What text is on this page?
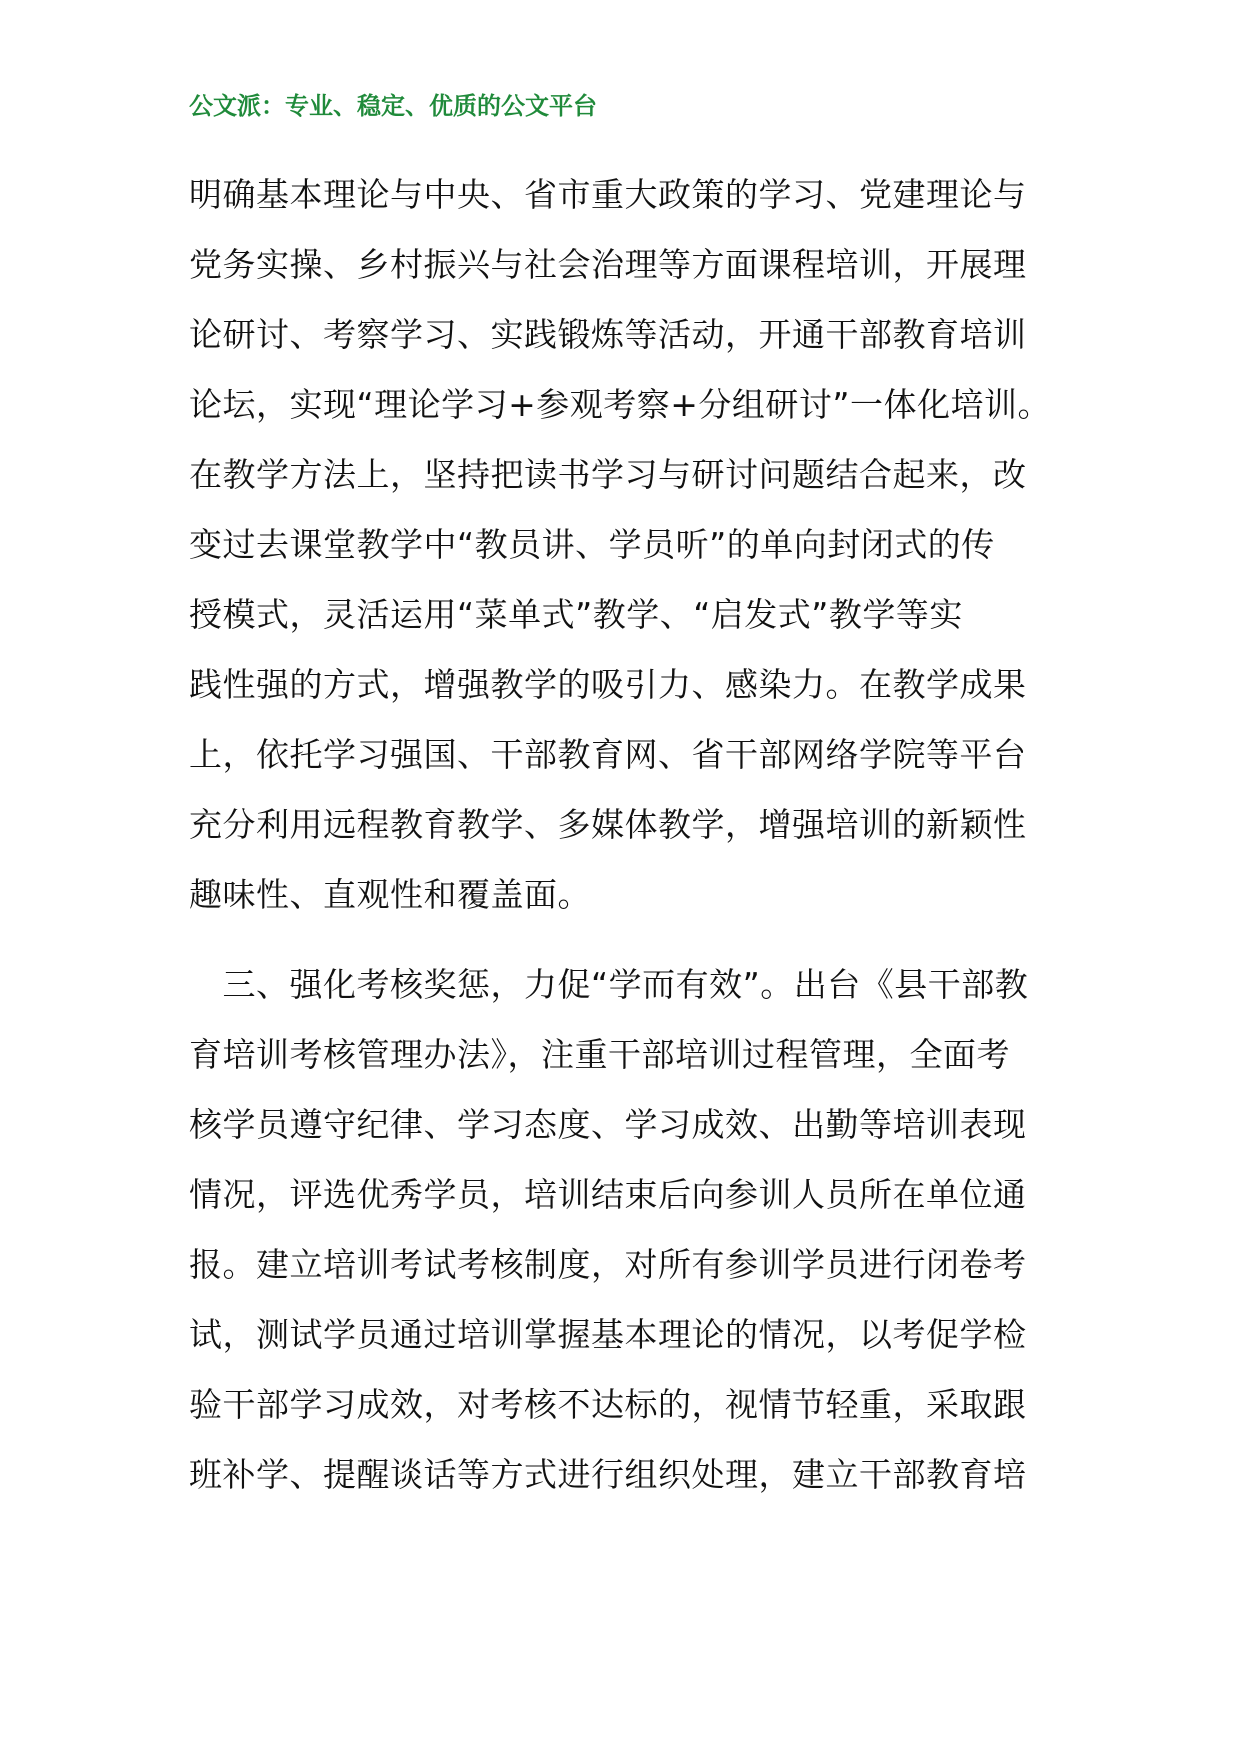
公文派：专业、稳定、优质的公文平台
明确基本理论与中央、省市重大政策的学习、党建理论与
党务实操、乡村振兴与社会治理等方面课程培训，开展理
论研讨、考察学习、实践锻炼等活动，开通干部教育培训
论坛，实现“理论学习+参观考察+分组研讨”一体化培训。
在教学方法上，坚持把读书学习与研讨问题结合起来，改
变过去课堂教学中“教员讲、学员听”的单向封闭式的传
授模式，灵活运用“菜单式”教学、“启发式”教学等实
践性强的方式，增强教学的吸引力、感染力。在教学成果
上，依托学习强国、干部教育网、省干部网络学院等平台
充分利用远程教育教学、多媒体教学，增强培训的新颖性
趣味性、直观性和覆盖面。
　三、强化考核奖惩，力促“学而有效”。出台《县干部教
育培训考核管理办法》，注重干部培训过程管理，全面考
核学员遵守纪律、学习态度、学习成效、出勤等培训表现
情况，评选优秀学员，培训结束后向参训人员所在单位通
报。建立培训考试考核制度，对所有参训学员进行闭卷考
试，测试学员通过培训掌握基本理论的情况，以考促学检
验干部学习成效，对考核不达标的，视情节轻重，采取跟
班补学、提醒谈话等方式进行组织处理，建立干部教育培
